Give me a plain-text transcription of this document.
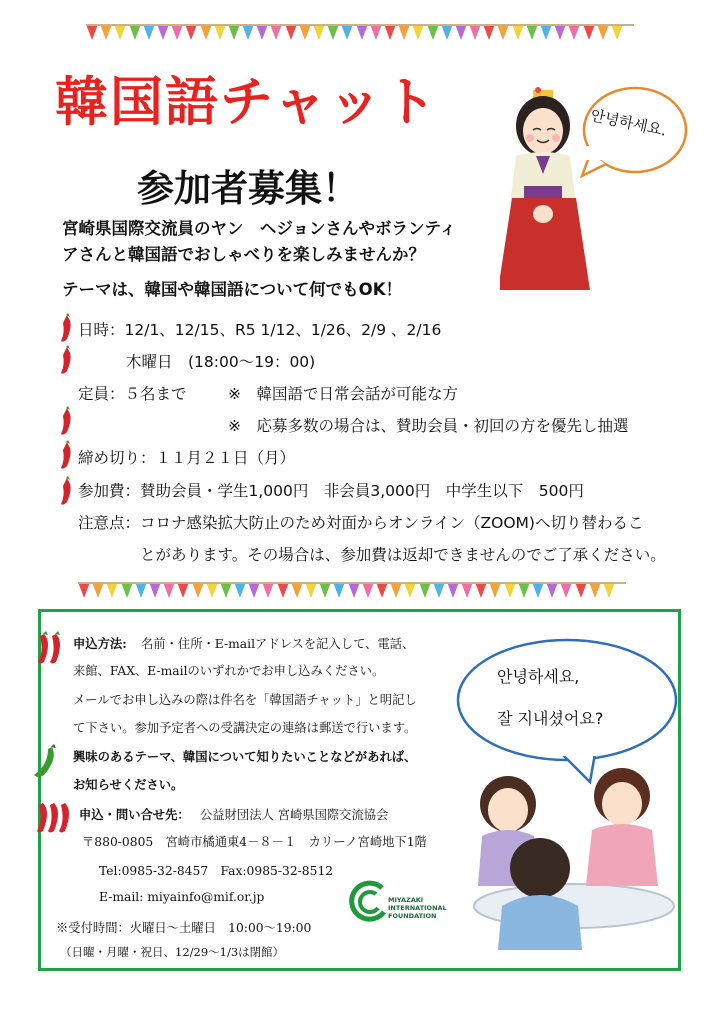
韓国語チャット	안녕하세요.
参加者募集！
宮崎県国際交流員のヤン　ヘジョンさんやボランティ
アさんと韓国語でおしゃべりを楽しみませんか？
テーマは、韓国や韓国語について何でもOK！
日時：12/1、12/15、R5 1/12、1/26、2/9 、2/16
木曜日　(18:00～19：00)
定員：５名まで	※　韓国語で日常会話が可能な方
※　応募多数の場合は、賛助会員・初回の方を優先し抽選
締め切り：１１月２１日（月）
参加費：賛助会員・学生1,000円　非会員3,000円　中学生以下　500円
注意点：コロナ感染拡大防止のため対面からオンライン（ZOOM)へ切り替わるこ
とがあります。その場合は、参加費は返却できませんのでご了承ください。
申込方法: 名前・住所・E-mailアドレスを記入して、電話、
来館、FAX、E-mailのいずれかでお申し込みください。
メールでお申し込みの際は件名を「韓国語チャット」と明記し
て下さい。参加予定者への受講決定の連絡は郵送で行います。
興味のあるテーマ、韓国について知りたいことなどがあれば、
お知らせください。
申込・問い合せ先： 公益財団法人 宮崎県国際交流協会
〒880-0805　宮崎市橘通東4－８－１　カリーノ宮崎地下1階
Tel:0985-32-8457　Fax:0985-32-8512
E-mail: miyainfo@mif.or.jp
※受付時間：火曜日～土曜日　10:00～19:00
（日曜・月曜・祝日、12/29～1/3は閉館）
안녕하세요,
잘 지내셨어요?
MIYAZAKI
INTERNATIONAL
FOUNDATION
